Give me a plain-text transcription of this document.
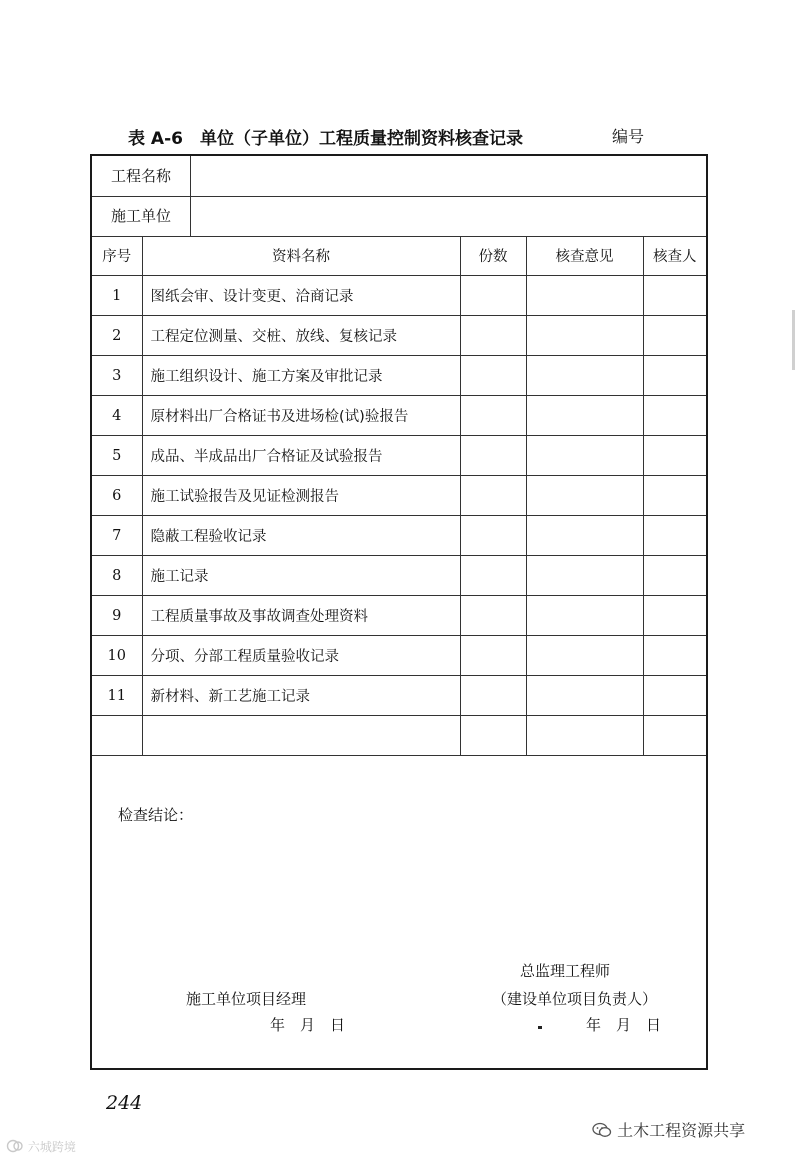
表 A-6　单位（子单位）工程质量控制资料核查记录	编号
工程名称
施工单位
序号	资料名称	份数	核查意见	核查人
1	图纸会审、设计变更、洽商记录			
2	工程定位测量、交桩、放线、复核记录			
3	施工组织设计、施工方案及审批记录			
4	原材料出厂合格证书及进场检(试)验报告			
5	成品、半成品出厂合格证及试验报告			
6	施工试验报告及见证检测报告			
7	隐蔽工程验收记录			
8	施工记录			
9	工程质量事故及事故调查处理资料			
10	分项、分部工程质量验收记录			
11	新材料、新工艺施工记录			

检查结论：
总监理工程师
施工单位项目经理	（建设单位项目负责人）
年　月　日	年　月　日
244
土木工程资源共享
六城跨境
